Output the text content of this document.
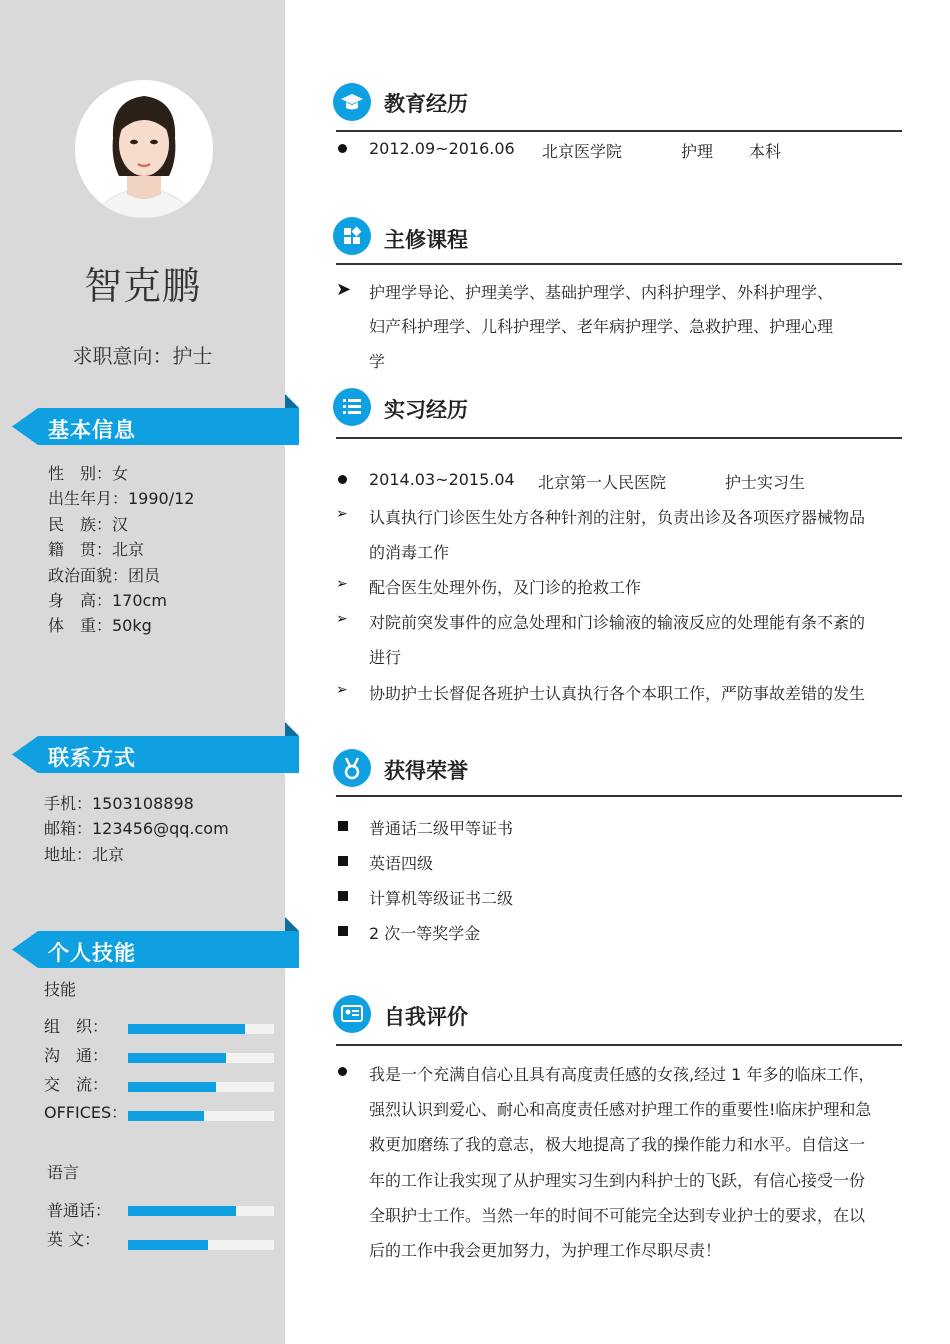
智克鹏
求职意向：护士
基本信息
性　别：女
出生年月：1990/12
民　族：汉
籍　贯：北京
政治面貌：团员
身　高：170cm
体　重：50kg
联系方式
手机：1503108898
邮箱：123456@qq.com
地址：北京
个人技能
技能
组　织：
沟　通：
交　流：
OFFICES：
语言
普通话：
英 文：
教育经历
2012.09~2016.06 北京医学院	护理 本科
主修课程
➤ 护理学导论、护理美学、基础护理学、内科护理学、外科护理学、
妇产科护理学、儿科护理学、老年病护理学、急救护理、护理心理
学
实习经历
2014.03~2015.04 北京第一人民医院	护士实习生
➢ 认真执行门诊医生处方各种针剂的注射，负责出诊及各项医疗器械物品
的消毒工作
➢ 配合医生处理外伤，及门诊的抢救工作
➢ 对院前突发事件的应急处理和门诊输液的输液反应的处理能有条不紊的
进行
➢ 协助护士长督促各班护士认真执行各个本职工作，严防事故差错的发生
获得荣誉
普通话二级甲等证书
英语四级
计算机等级证书二级
2 次一等奖学金
自我评价
我是一个充满自信心且具有高度责任感的女孩,经过 1 年多的临床工作，
强烈认识到爱心、耐心和高度责任感对护理工作的重要性!临床护理和急
救更加磨练了我的意志，极大地提高了我的操作能力和水平。自信这一
年的工作让我实现了从护理实习生到内科护士的飞跃，有信心接受一份
全职护士工作。当然一年的时间不可能完全达到专业护士的要求，在以
后的工作中我会更加努力，为护理工作尽职尽责！
